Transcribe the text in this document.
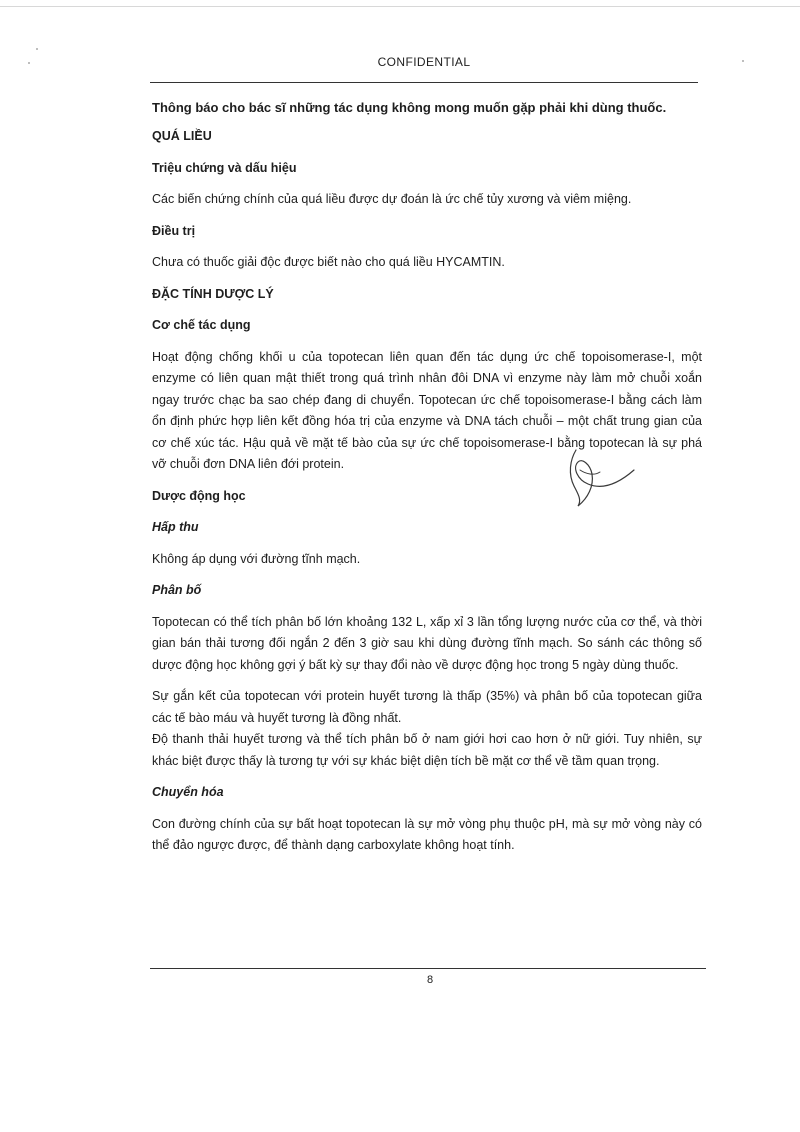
CONFIDENTIAL

Thông báo cho bác sĩ những tác dụng không mong muốn gặp phải khi dùng thuốc.

QUÁ LIỀU

Triệu chứng và dấu hiệu

Các biến chứng chính của quá liều được dự đoán là ức chế tủy xương và viêm miệng.

Điều trị

Chưa có thuốc giải độc được biết nào cho quá liều HYCAMTIN.

ĐẶC TÍNH DƯỢC LÝ

Cơ chế tác dụng

Hoạt động chống khối u của topotecan liên quan đến tác dụng ức chế topoisomerase-I, một enzyme có liên quan mật thiết trong quá trình nhân đôi DNA vì enzyme này làm mở chuỗi xoắn ngay trước chạc ba sao chép đang di chuyển. Topotecan ức chế topoisomerase-I bằng cách làm ổn định phức hợp liên kết đồng hóa trị của enzyme và DNA tách chuỗi – một chất trung gian của cơ chế xúc tác. Hậu quả về mặt tế bào của sự ức chế topoisomerase-I bằng topotecan là sự phá vỡ chuỗi đơn DNA liên đới protein.

Dược động học

Hấp thu

Không áp dụng với đường tĩnh mạch.

Phân bố

Topotecan có thể tích phân bố lớn khoảng 132 L, xấp xỉ 3 lần tổng lượng nước của cơ thể, và thời gian bán thải tương đối ngắn 2 đến 3 giờ sau khi dùng đường tĩnh mạch. So sánh các thông số dược động học không gợi ý bất kỳ sự thay đổi nào về dược động học trong 5 ngày dùng thuốc.

Sự gắn kết của topotecan với protein huyết tương là thấp (35%) và phân bố của topotecan giữa các tế bào máu và huyết tương là đồng nhất.

Độ thanh thải huyết tương và thể tích phân bố ở nam giới hơi cao hơn ở nữ giới. Tuy nhiên, sự khác biệt được thấy là tương tự với sự khác biệt diện tích bề mặt cơ thể về tầm quan trọng.

Chuyển hóa

Con đường chính của sự bất hoạt topotecan là sự mở vòng phụ thuộc pH, mà sự mở vòng này có thể đảo ngược được, để thành dạng carboxylate không hoạt tính.

8
